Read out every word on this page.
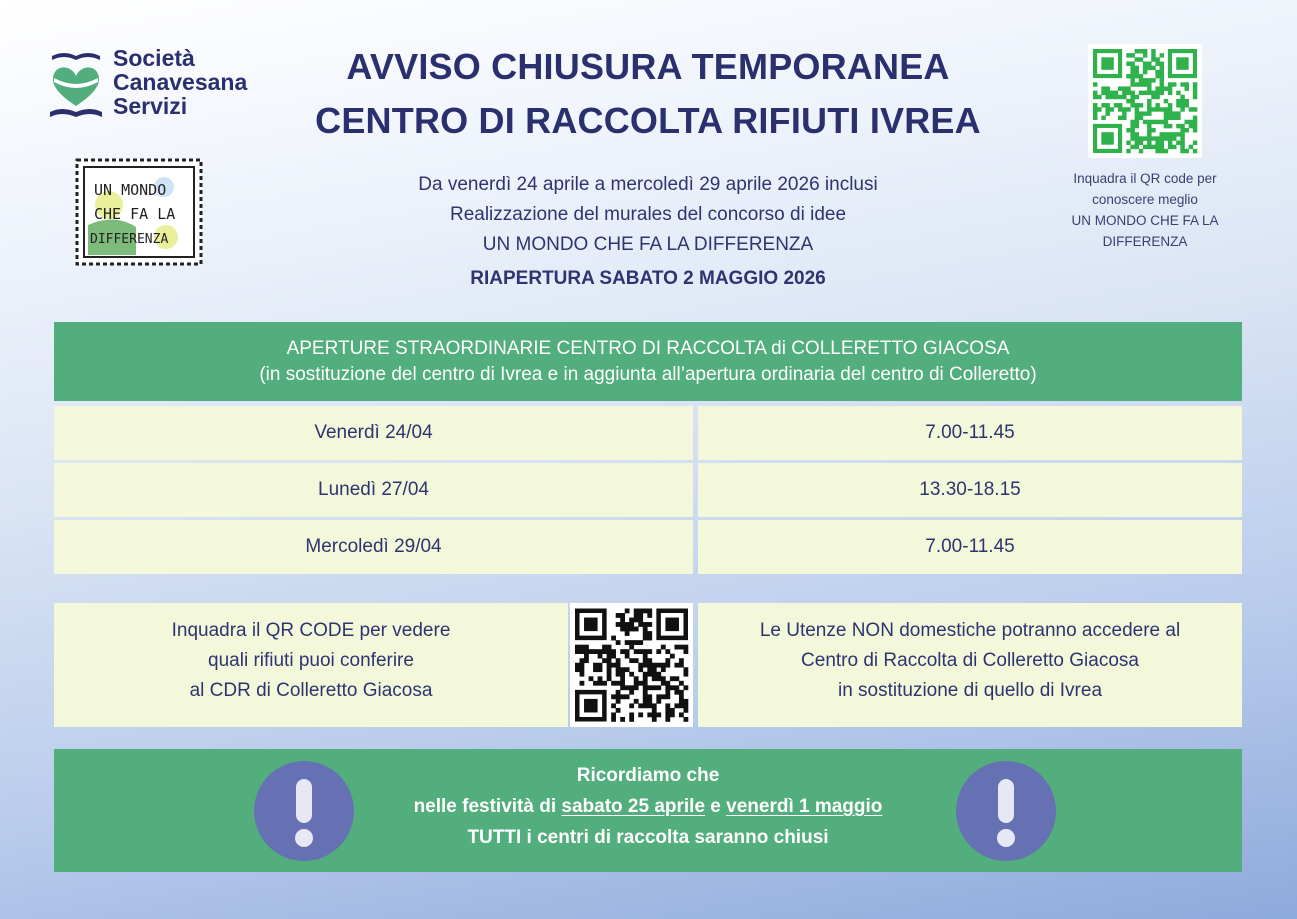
Società
Canavesana
Servizi
AVVISO CHIUSURA TEMPORANEA
CENTRO DI RACCOLTA RIFIUTI IVREA
UN MONDO
CHE FA LA
DIFFERENZA
Inquadra il QR code per
conoscere meglio
UN MONDO CHE FA LA
DIFFERENZA
Da venerdì 24 aprile a mercoledì 29 aprile 2026 inclusi
Realizzazione del murales del concorso di idee
UN MONDO CHE FA LA DIFFERENZA
RIAPERTURA SABATO 2 MAGGIO 2026
APERTURE STRAORDINARIE CENTRO DI RACCOLTA di COLLERETTO GIACOSA
(in sostituzione del centro di Ivrea e in aggiunta all’apertura ordinaria del centro di Colleretto)
Venerdì 24/04	7.00-11.45
Lunedì 27/04	13.30-18.15
Mercoledì 29/04	7.00-11.45
Inquadra il QR CODE per vedere
quali rifiuti puoi conferire
al CDR di Colleretto Giacosa
Le Utenze NON domestiche potranno accedere al
Centro di Raccolta di Colleretto Giacosa
in sostituzione di quello di Ivrea
Ricordiamo che
nelle festività di sabato 25 aprile e venerdì 1 maggio
TUTTI i centri di raccolta saranno chiusi
